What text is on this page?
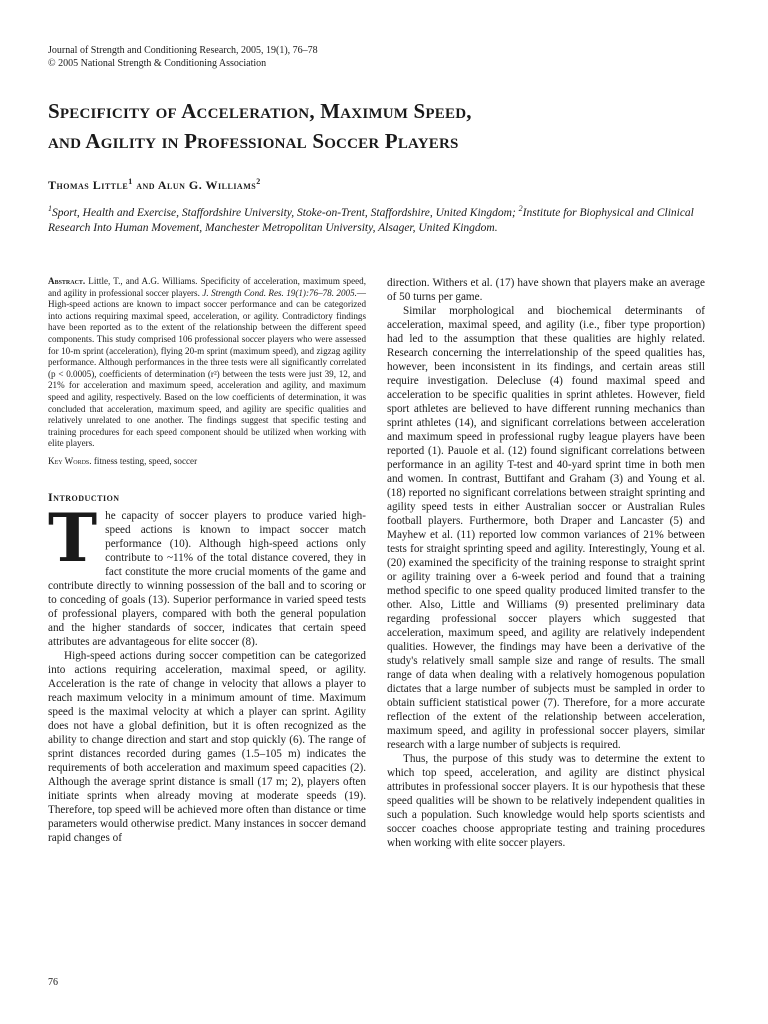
Journal of Strength and Conditioning Research, 2005, 19(1), 76–78
© 2005 National Strength & Conditioning Association
Specificity of Acceleration, Maximum Speed,
and Agility in Professional Soccer Players
Thomas Little$^1$ and Alun G. Williams$^2$
$^1$Sport, Health and Exercise, Staffordshire University, Stoke-on-Trent, Staffordshire, United Kingdom; $^2$Institute for Biophysical and Clinical Research Into Human Movement, Manchester Metropolitan University, Alsager, United Kingdom.

Abstract. Little, T., and A.G. Williams. Specificity of acceleration, maximum speed, and agility in professional soccer players. J. Strength Cond. Res. 19(1):76–78. 2005.—High-speed actions are known to impact soccer performance and can be categorized into actions requiring maximal speed, acceleration, or agility. Contradictory findings have been reported as to the extent of the relationship between the different speed components. This study comprised 106 professional soccer players who were assessed for 10-m sprint (acceleration), flying 20-m sprint (maximum speed), and zigzag agility performance. Although performances in the three tests were all significantly correlated (p < 0.0005), coefficients of determination (r²) between the tests were just 39, 12, and 21% for acceleration and maximum speed, acceleration and agility, and maximum speed and agility, respectively. Based on the low coefficients of determination, it was concluded that acceleration, maximum speed, and agility are specific qualities and relatively unrelated to one another. The findings suggest that specific testing and training procedures for each speed component should be utilized when working with elite players.

Key Words. fitness testing, speed, soccer

Introduction

The capacity of soccer players to produce varied high-speed actions is known to impact soccer match performance (10). Although high-speed actions only contribute to ~11% of the total distance covered, they in fact constitute the more crucial moments of the game and contribute directly to winning possession of the ball and to scoring or to conceding of goals (13). Superior performance in varied speed tests of professional players, compared with both the general population and the higher standards of soccer, indicates that certain speed attributes are advantageous for elite soccer (8).

High-speed actions during soccer competition can be categorized into actions requiring acceleration, maximal speed, or agility. Acceleration is the rate of change in velocity that allows a player to reach maximum velocity in a minimum amount of time. Maximum speed is the maximal velocity at which a player can sprint. Agility does not have a global definition, but it is often recognized as the ability to change direction and start and stop quickly (6). The range of sprint distances recorded during games (1.5–105 m) indicates the requirements of both acceleration and maximum speed capacities (2). Although the average sprint distance is small (17 m; 2), players often initiate sprints when already moving at moderate speeds (19). Therefore, top speed will be achieved more often than distance or time parameters would otherwise predict. Many instances in soccer demand rapid changes of

direction. Withers et al. (17) have shown that players make an average of 50 turns per game.

Similar morphological and biochemical determinants of acceleration, maximal speed, and agility (i.e., fiber type proportion) had led to the assumption that these qualities are highly related. Research concerning the interrelationship of the speed qualities has, however, been inconsistent in its findings, and certain areas still require investigation. Delecluse (4) found maximal speed and acceleration to be specific qualities in sprint athletes. However, field sport athletes are believed to have different running mechanics than sprint athletes (14), and significant correlations between acceleration and maximum speed in professional rugby league players have been reported (1). Pauole et al. (12) found significant correlations between performance in an agility T-test and 40-yard sprint time in both men and women. In contrast, Buttifant and Graham (3) and Young et al. (18) reported no significant correlations between straight sprinting and agility speed tests in either Australian soccer or Australian Rules football players. Furthermore, both Draper and Lancaster (5) and Mayhew et al. (11) reported low common variances of 21% between tests for straight sprinting speed and agility. Interestingly, Young et al. (20) examined the specificity of the training response to straight sprint or agility training over a 6-week period and found that a training method specific to one speed quality produced limited transfer to the other. Also, Little and Williams (9) presented preliminary data regarding professional soccer players which suggested that acceleration, maximum speed, and agility are relatively independent qualities. However, the findings may have been a derivative of the study's relatively small sample size and range of results. The small range of data when dealing with a relatively homogenous population dictates that a large number of subjects must be sampled in order to obtain sufficient statistical power (7). Therefore, for a more accurate reflection of the extent of the relationship between acceleration, maximum speed, and agility in professional soccer players, similar research with a large number of subjects is required.

Thus, the purpose of this study was to determine the extent to which top speed, acceleration, and agility are distinct physical attributes in professional soccer players. It is our hypothesis that these speed qualities will be shown to be relatively independent qualities in such a population. Such knowledge would help sports scientists and soccer coaches choose appropriate testing and training procedures when working with elite soccer players.

76
